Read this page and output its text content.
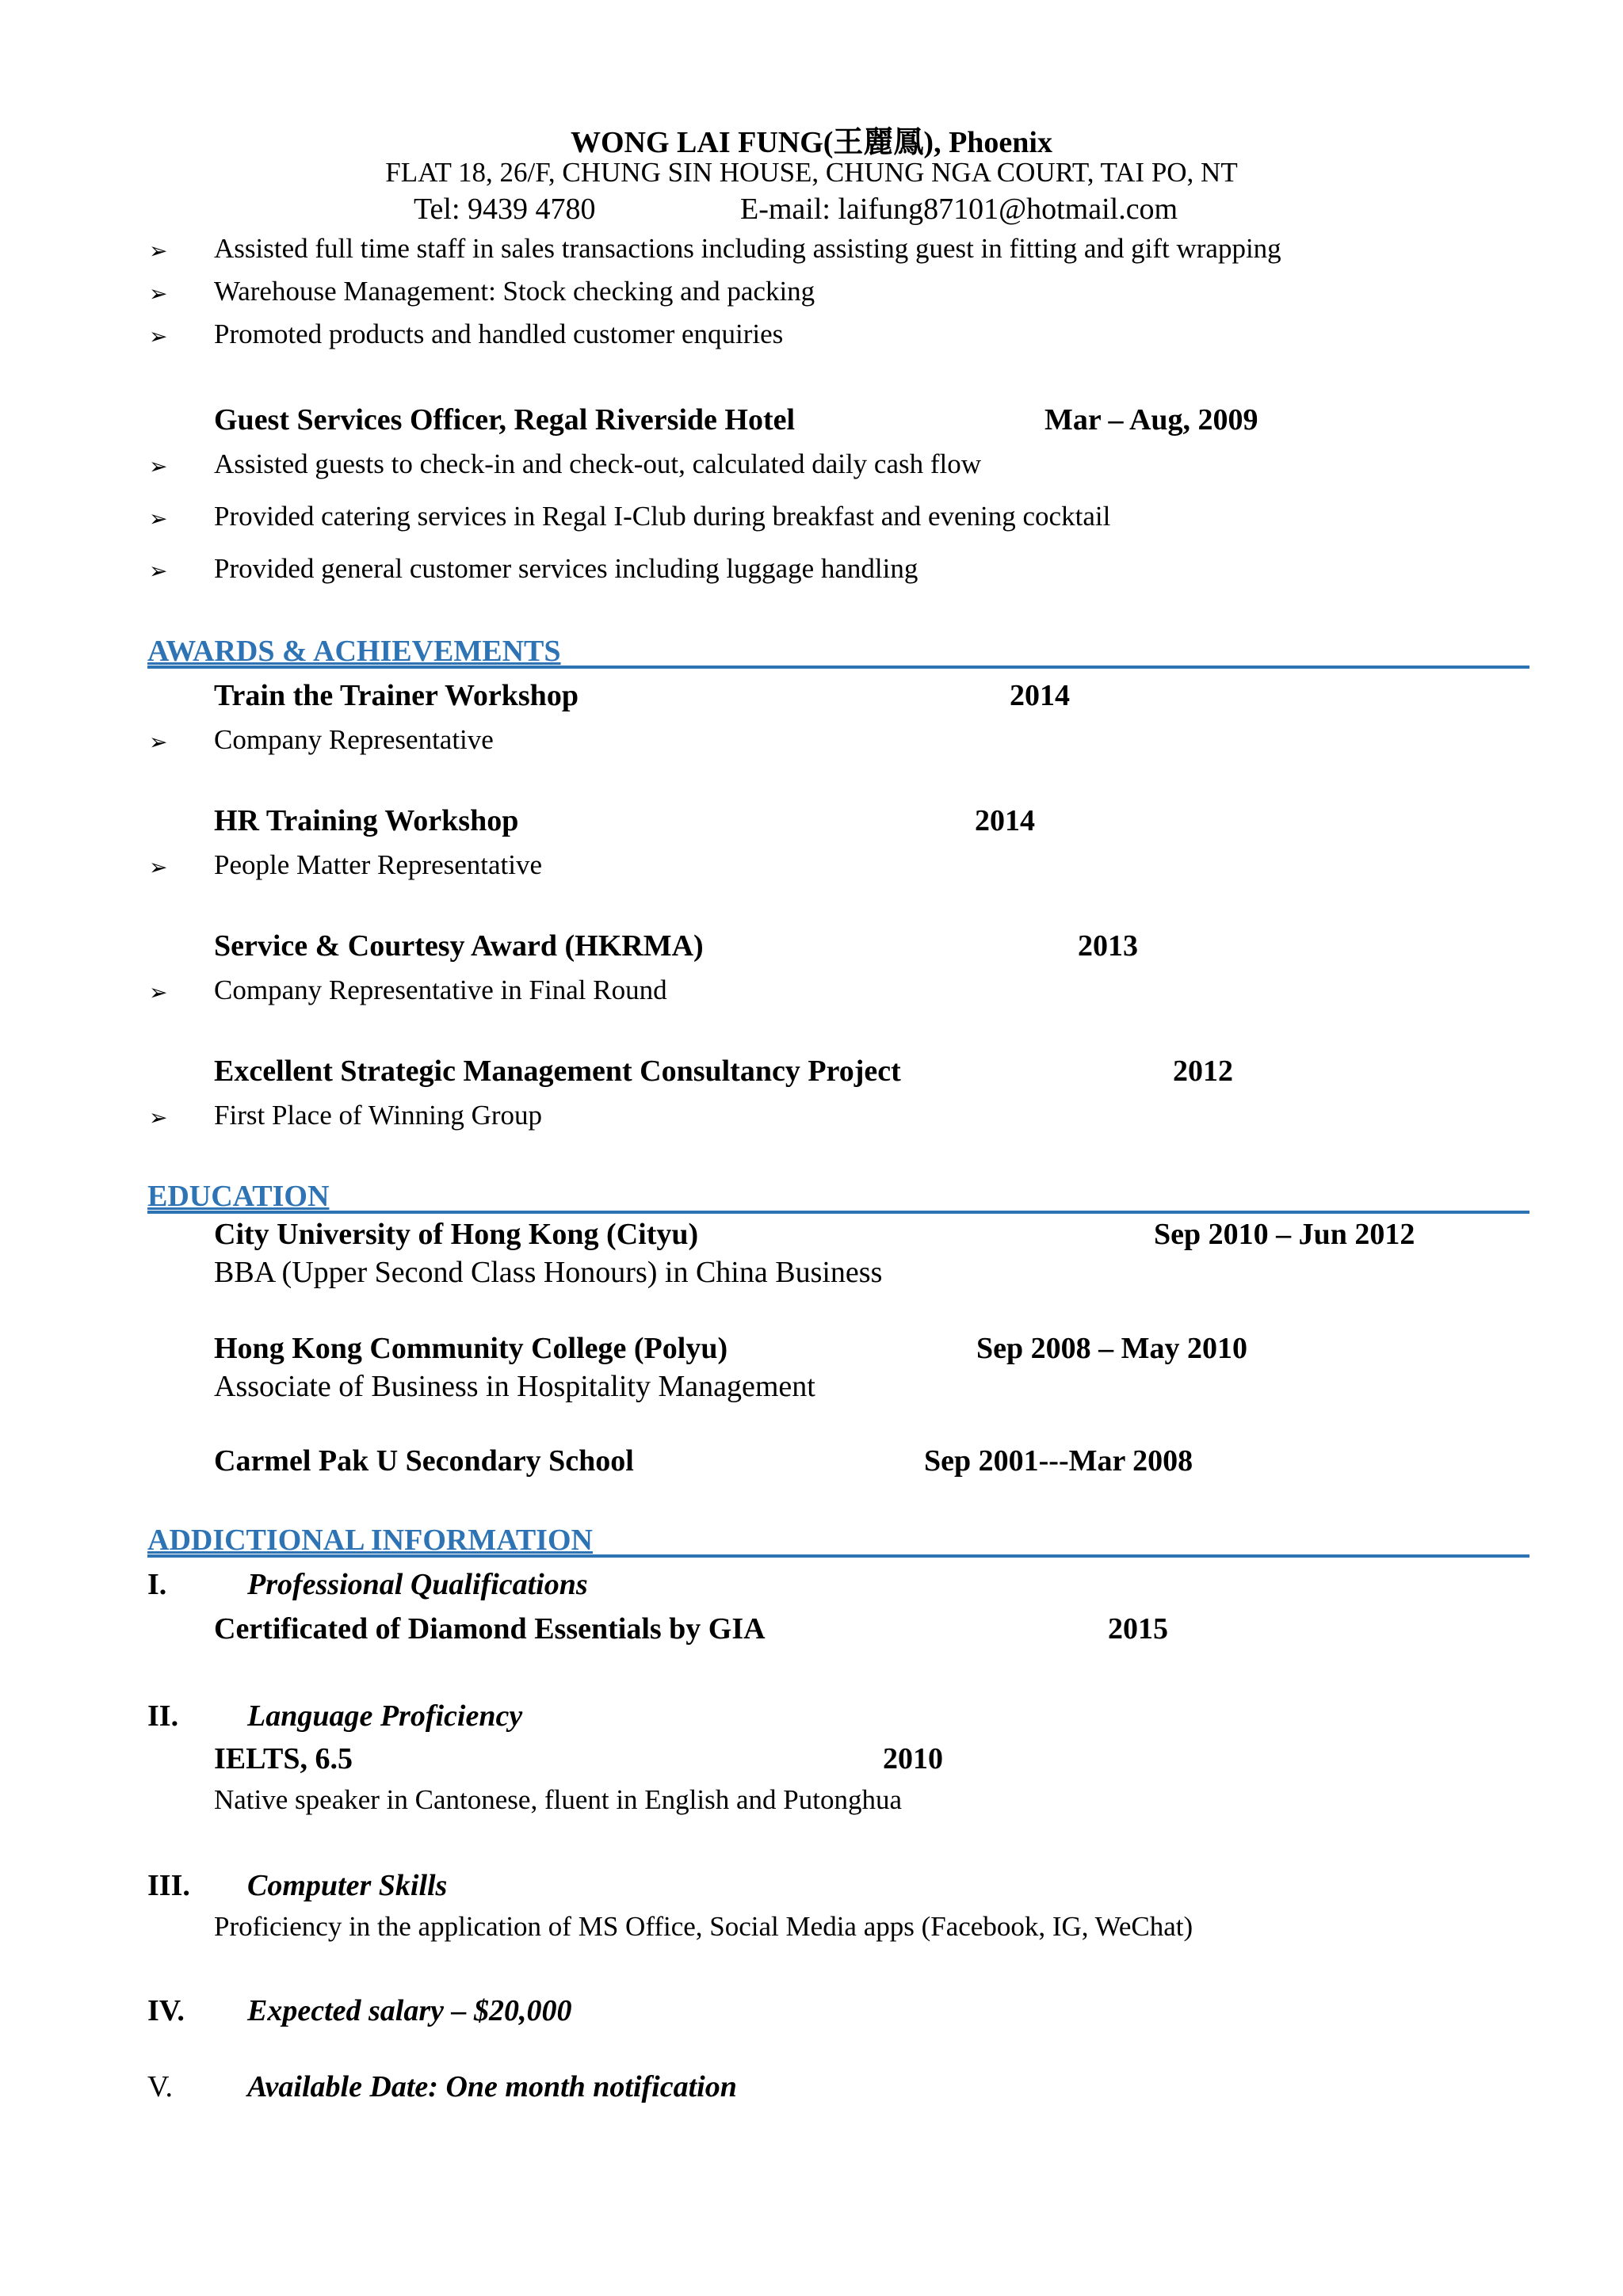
WONG LAI FUNG(王麗鳳), Phoenix
FLAT 18, 26/F, CHUNG SIN HOUSE, CHUNG NGA COURT, TAI PO, NT
Tel: 9439 4780	E-mail: laifung87101@hotmail.com
➢ Assisted full time staff in sales transactions including assisting guest in fitting and gift wrapping
➢ Warehouse Management: Stock checking and packing
➢ Promoted products and handled customer enquiries
Guest Services Officer, Regal Riverside Hotel	Mar – Aug, 2009
➢ Assisted guests to check-in and check-out, calculated daily cash flow
➢ Provided catering services in Regal I-Club during breakfast and evening cocktail
➢ Provided general customer services including luggage handling
AWARDS & ACHIEVEMENTS
Train the Trainer Workshop	2014
➢ Company Representative
HR Training Workshop	2014
➢ People Matter Representative
Service & Courtesy Award (HKRMA)	2013
➢ Company Representative in Final Round
Excellent Strategic Management Consultancy Project	2012
➢ First Place of Winning Group
EDUCATION
City University of Hong Kong (Cityu)	Sep 2010 – Jun 2012
BBA (Upper Second Class Honours) in China Business
Hong Kong Community College (Polyu)	Sep 2008 – May 2010
Associate of Business in Hospitality Management
Carmel Pak U Secondary School	Sep 2001---Mar 2008
ADDICTIONAL INFORMATION
I.	Professional Qualifications
Certificated of Diamond Essentials by GIA	2015
II. Language Proficiency
IELTS, 6.5	2010
Native speaker in Cantonese, fluent in English and Putonghua
III. Computer Skills
Proficiency in the application of MS Office, Social Media apps (Facebook, IG, WeChat)
IV. Expected salary – $20,000
V. Available Date: One month notification
